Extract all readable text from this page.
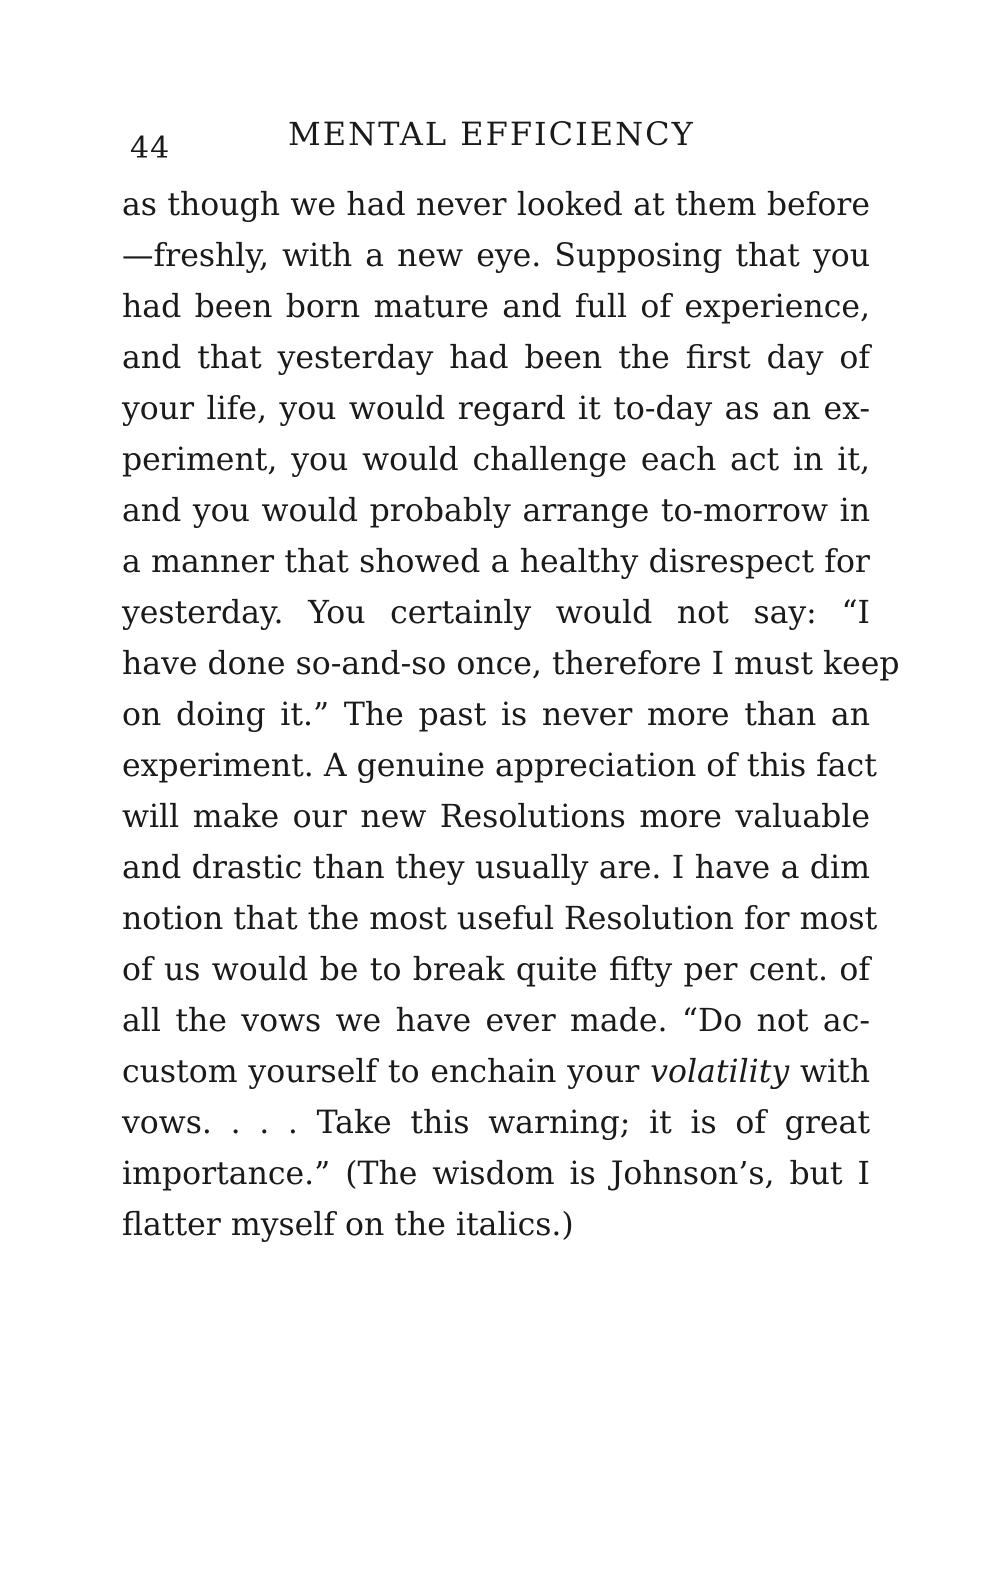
44	MENTAL EFFICIENCY
as though we had never looked at them before
—freshly, with a new eye. Supposing that you
had been born mature and full of experience,
and that yesterday had been the first day of
your life, you would regard it to-day as an ex-
periment, you would challenge each act in it,
and you would probably arrange to-morrow in
a manner that showed a healthy disrespect for
yesterday. You certainly would not say: “I
have done so-and-so once, therefore I must keep
on doing it.” The past is never more than an
experiment. A genuine appreciation of this fact
will make our new Resolutions more valuable
and drastic than they usually are. I have a dim
notion that the most useful Resolution for most
of us would be to break quite fifty per cent. of
all the vows we have ever made. “Do not ac-
custom yourself to enchain your volatility with
vows. . . . Take this warning; it is of great
importance.” (The wisdom is Johnson’s, but I
flatter myself on the italics.)
